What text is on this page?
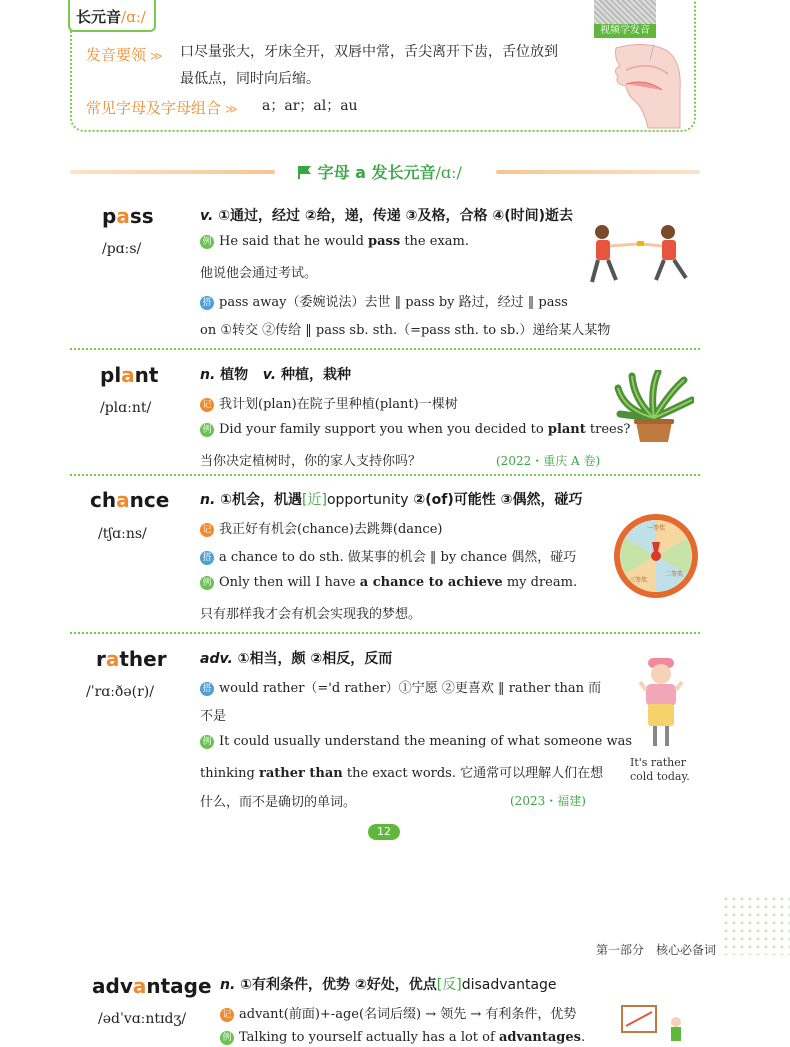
长元音/ɑː/
视频学发音
发音要领 ≫ 口尽量张大，牙床全开，双唇中常，舌尖离开下齿，舌位放到
最低点，同时向后缩。
常见字母及字母组合 ≫ a；ar；al；au
字母 a 发长元音/ɑː/
pass
/pɑːs/
v. ①通过，经过 ②给，递，传递 ③及格，合格 ④(时间)逝去
例 He said that he would pass the exam.
他说他会通过考试。
搭 pass away（委婉说法）去世 ‖ pass by 路过，经过 ‖ pass
on ①转交 ②传给 ‖ pass sb. sth.（=pass sth. to sb.）递给某人某物
plant
/plɑːnt/
n. 植物 v. 种植，栽种
记 我计划(plan)在院子里种植(plant)一棵树
例 Did your family support you when you decided to plant trees?
当你决定植树时，你的家人支持你吗？	(2022・重庆 A 卷)
chance
/tʃɑːns/
n. ①机会，机遇[近]opportunity ②(of)可能性 ③偶然，碰巧
记 我正好有机会(chance)去跳舞(dance)
搭 a chance to do sth. 做某事的机会 ‖ by chance 偶然，碰巧
例 Only then will I have a chance to achieve my dream.
只有那样我才会有机会实现我的梦想。
一等奖
二等奖
三等奖
rather
/ˈrɑːðə(r)/
adv. ①相当，颇 ②相反，反而
搭 would rather（='d rather）①宁愿 ②更喜欢 ‖ rather than 而
不是
例 It could usually understand the meaning of what someone was
thinking rather than the exact words. 它通常可以理解人们在想
什么，而不是确切的单词。	(2023・福建)
It's rather
cold today.
12
第一部分　核心必备词
advantage
/ədˈvɑːntɪdʒ/
n. ①有利条件，优势 ②好处，优点[反]disadvantage
记 advant(前面)+-age(名词后缀) → 领先 → 有利条件，优势
例 Talking to yourself actually has a lot of advantages.
